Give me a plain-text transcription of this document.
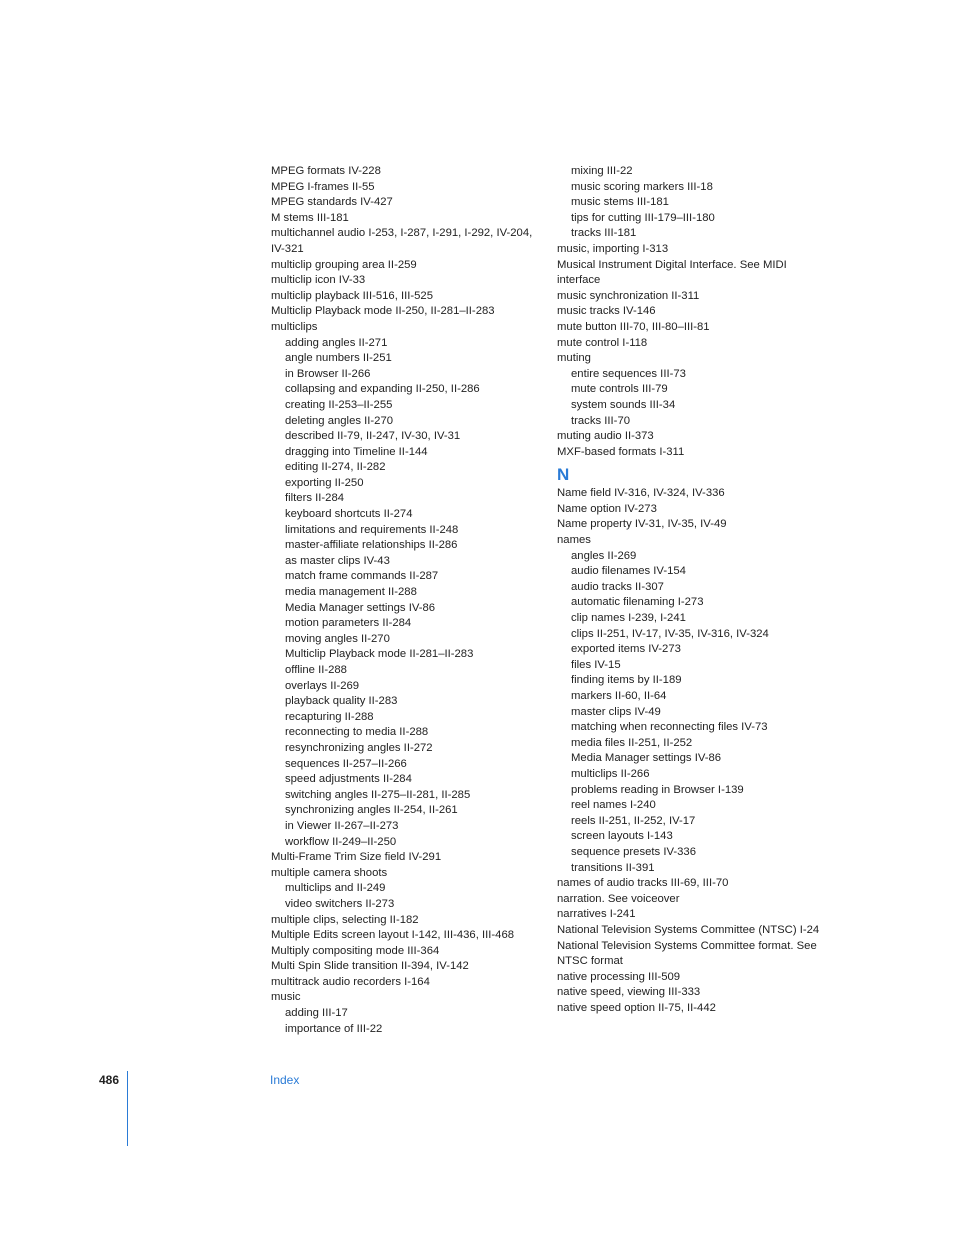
MPEG formats IV-228
MPEG I-frames II-55
MPEG standards IV-427
M stems III-181
multichannel audio I-253, I-287, I-291, I-292, IV-204, IV-321
multiclip grouping area II-259
multiclip icon IV-33
multiclip playback III-516, III-525
Multiclip Playback mode II-250, II-281–II-283
multiclips
adding angles II-271
angle numbers II-251
in Browser II-266
collapsing and expanding II-250, II-286
creating II-253–II-255
deleting angles II-270
described II-79, II-247, IV-30, IV-31
dragging into Timeline II-144
editing II-274, II-282
exporting II-250
filters II-284
keyboard shortcuts II-274
limitations and requirements II-248
master-affiliate relationships II-286
as master clips IV-43
match frame commands II-287
media management II-288
Media Manager settings IV-86
motion parameters II-284
moving angles II-270
Multiclip Playback mode II-281–II-283
offline II-288
overlays II-269
playback quality II-283
recapturing II-288
reconnecting to media II-288
resynchronizing angles II-272
sequences II-257–II-266
speed adjustments II-284
switching angles II-275–II-281, II-285
synchronizing angles II-254, II-261
in Viewer II-267–II-273
workflow II-249–II-250
Multi-Frame Trim Size field IV-291
multiple camera shoots
multiclips and II-249
video switchers II-273
multiple clips, selecting II-182
Multiple Edits screen layout I-142, III-436, III-468
Multiply compositing mode III-364
Multi Spin Slide transition II-394, IV-142
multitrack audio recorders I-164
music
adding III-17
importance of III-22
mixing III-22
music scoring markers III-18
music stems III-181
tips for cutting III-179–III-180
tracks III-181
music, importing I-313
Musical Instrument Digital Interface. See MIDI interface
music synchronization II-311
music tracks IV-146
mute button III-70, III-80–III-81
mute control I-118
muting
entire sequences III-73
mute controls III-79
system sounds III-34
tracks III-70
muting audio II-373
MXF-based formats I-311
N
Name field IV-316, IV-324, IV-336
Name option IV-273
Name property IV-31, IV-35, IV-49
names
angles II-269
audio filenames IV-154
audio tracks II-307
automatic filenaming I-273
clip names I-239, I-241
clips II-251, IV-17, IV-35, IV-316, IV-324
exported items IV-273
files IV-15
finding items by II-189
markers II-60, II-64
master clips IV-49
matching when reconnecting files IV-73
media files II-251, II-252
Media Manager settings IV-86
multiclips II-266
problems reading in Browser I-139
reel names I-240
reels II-251, II-252, IV-17
screen layouts I-143
sequence presets IV-336
transitions II-391
names of audio tracks III-69, III-70
narration. See voiceover
narratives I-241
National Television Systems Committee (NTSC) I-24
National Television Systems Committee format. See NTSC format
native processing III-509
native speed, viewing III-333
native speed option II-75, II-442
486	Index
